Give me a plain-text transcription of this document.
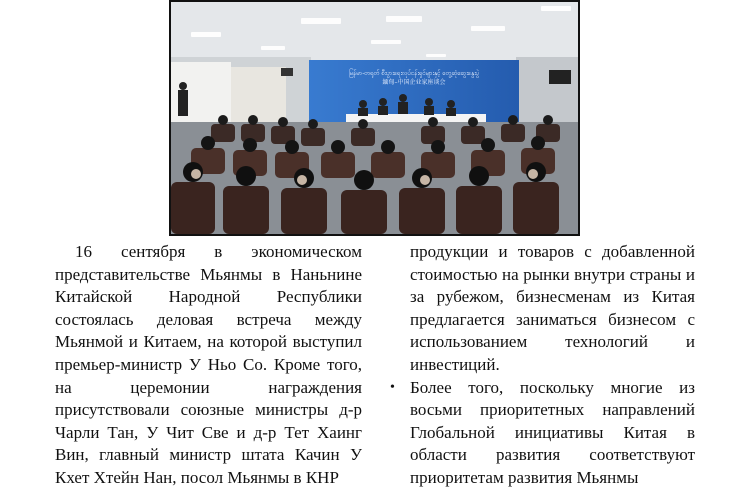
မြန်မာ-တရုတ် စီးပွားရေးလုပ်ငန်းရှင်များနှင့် တွေ့ဆုံဆွေးနွေးပွဲ
緬甸–中国企业家座谈会

16 сентября в экономическом представительстве Мьянмы в Наньнине Китайской Народной Республики состоялась деловая встреча между Мьянмой и Китаем, на которой выступил премьер-министр У Ньо Со. Кроме того, на церемонии награждения присутствовали союзные министры д-р Чарли Тан, У Чит Све и д-р Тет Хаинг Вин, главный министр штата Качин У Кхет Хтейн Нан, посол Мьянмы в КНР

продукции и товаров с добавленной стоимостью на рынки внутри страны и за рубежом, бизнесменам из Китая предлагается заниматься бизнесом с использованием технологий и инвестиций.

• Более того, поскольку многие из восьми приоритетных направлений Глобальной инициативы Китая в области развития соответствуют приоритетам развития Мьянмы
